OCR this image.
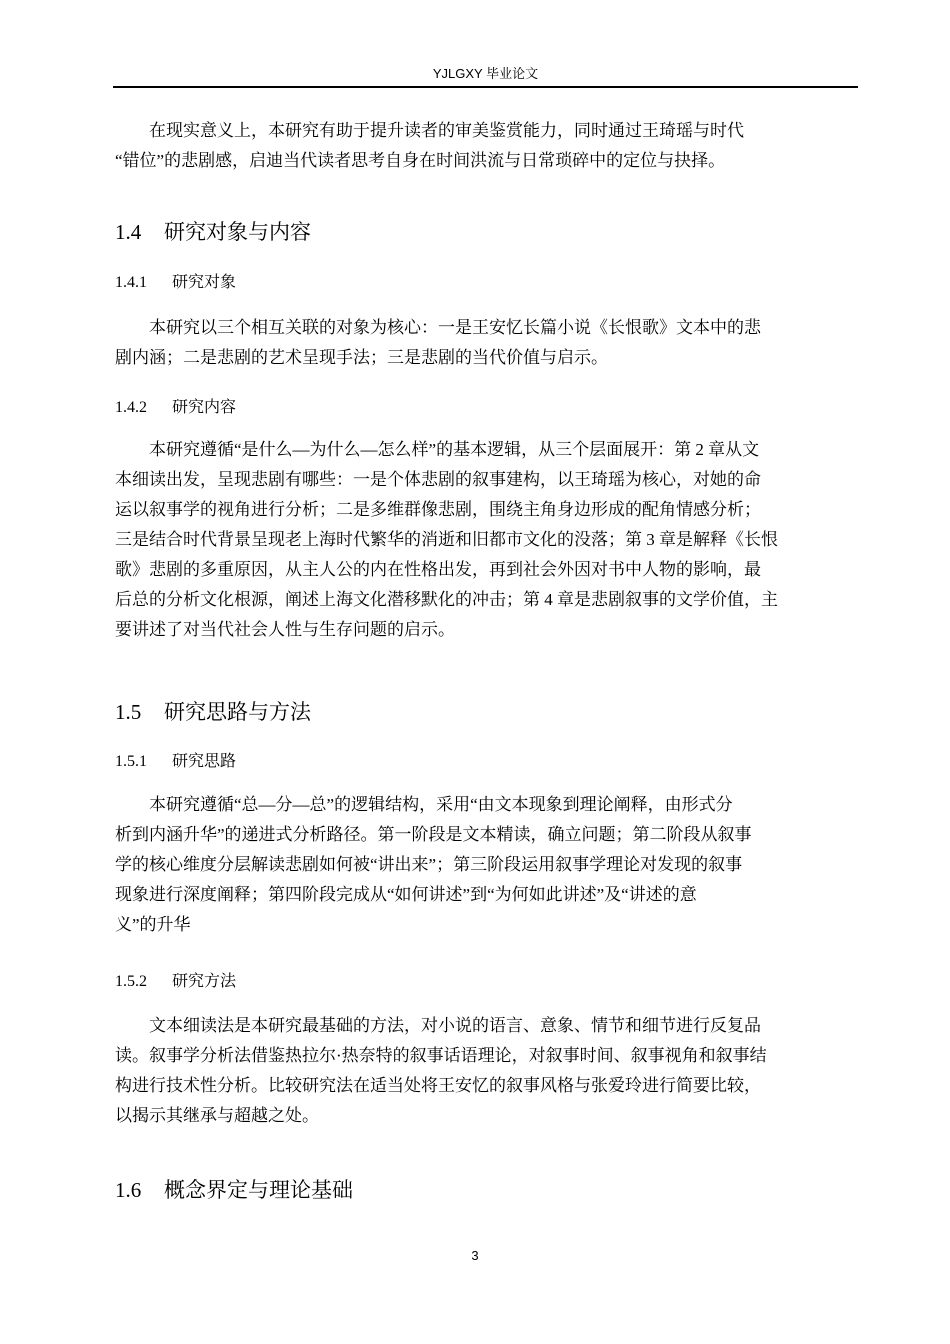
YJLGXY 毕业论文
　　在现实意义上，本研究有助于提升读者的审美鉴赏能力，同时通过王琦瑶与时代
“错位”的悲剧感，启迪当代读者思考自身在时间洪流与日常琐碎中的定位与抉择。
1.4 研究对象与内容
1.4.1 研究对象
　　本研究以三个相互关联的对象为核心：一是王安忆长篇小说《长恨歌》文本中的悲
剧内涵；二是悲剧的艺术呈现手法；三是悲剧的当代价值与启示。
1.4.2 研究内容
　　本研究遵循“是什么—为什么—怎么样”的基本逻辑，从三个层面展开：第 2 章从文
本细读出发，呈现悲剧有哪些：一是个体悲剧的叙事建构，以王琦瑶为核心，对她的命
运以叙事学的视角进行分析；二是多维群像悲剧，围绕主角身边形成的配角情感分析；
三是结合时代背景呈现老上海时代繁华的消逝和旧都市文化的没落；第 3 章是解释《长恨
歌》悲剧的多重原因，从主人公的内在性格出发，再到社会外因对书中人物的影响，最
后总的分析文化根源，阐述上海文化潜移默化的冲击；第 4 章是悲剧叙事的文学价值，主
要讲述了对当代社会人性与生存问题的启示。
1.5 研究思路与方法
1.5.1 研究思路
　　本研究遵循“总—分—总”的逻辑结构，采用“由文本现象到理论阐释，由形式分
析到内涵升华”的递进式分析路径。第一阶段是文本精读，确立问题；第二阶段从叙事
学的核心维度分层解读悲剧如何被“讲出来”；第三阶段运用叙事学理论对发现的叙事
现象进行深度阐释；第四阶段完成从“如何讲述”到“为何如此讲述”及“讲述的意
义”的升华
1.5.2 研究方法
　　文本细读法是本研究最基础的方法，对小说的语言、意象、情节和细节进行反复品
读。叙事学分析法借鉴热拉尔·热奈特的叙事话语理论，对叙事时间、叙事视角和叙事结
构进行技术性分析。比较研究法在适当处将王安忆的叙事风格与张爱玲进行简要比较，
以揭示其继承与超越之处。
1.6 概念界定与理论基础
3
